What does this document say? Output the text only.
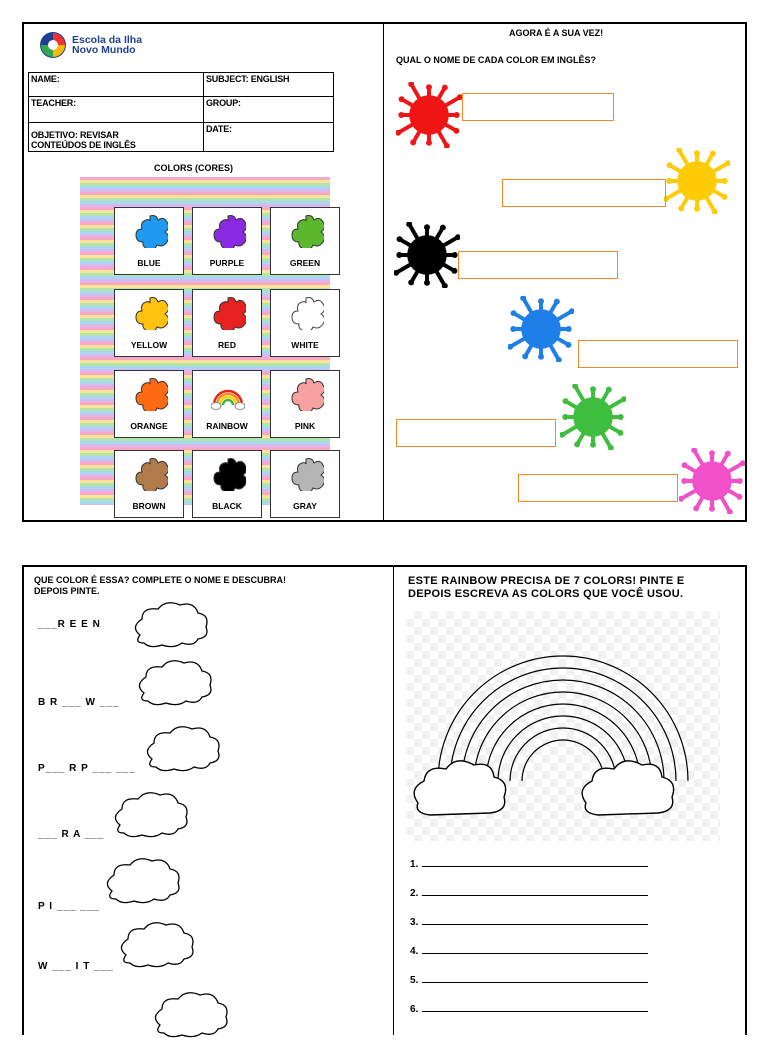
Escola da Ilha
Novo Mundo
NAME:	SUBJECT: ENGLISH
TEACHER:	GROUP:

OBJETIVO: REVISAR
CONTEÚDOS DE INGLÊS	DATE:
COLORS (CORES)
BLUE	PURPLE	GREEN
YELLOW	RED	WHITE
ORANGE	RAINBOW	PINK
BROWN	BLACK	GRAY
AGORA É A SUA VEZ!
QUAL O NOME DE CADA COLOR EM INGLÊS?
QUE COLOR É ESSA? COMPLETE O NOME E DESCUBRA!
DEPOIS PINTE.
___R E E N
B R ___ W ___
P___ R P ___ ___
___ R A ___
P I ___ ___
W ___ I T ___
ESTE RAINBOW PRECISA DE 7 COLORS! PINTE E
DEPOIS ESCREVA AS COLORS QUE VOCÊ USOU.
1.
2.
3.
4.
5.
6.
